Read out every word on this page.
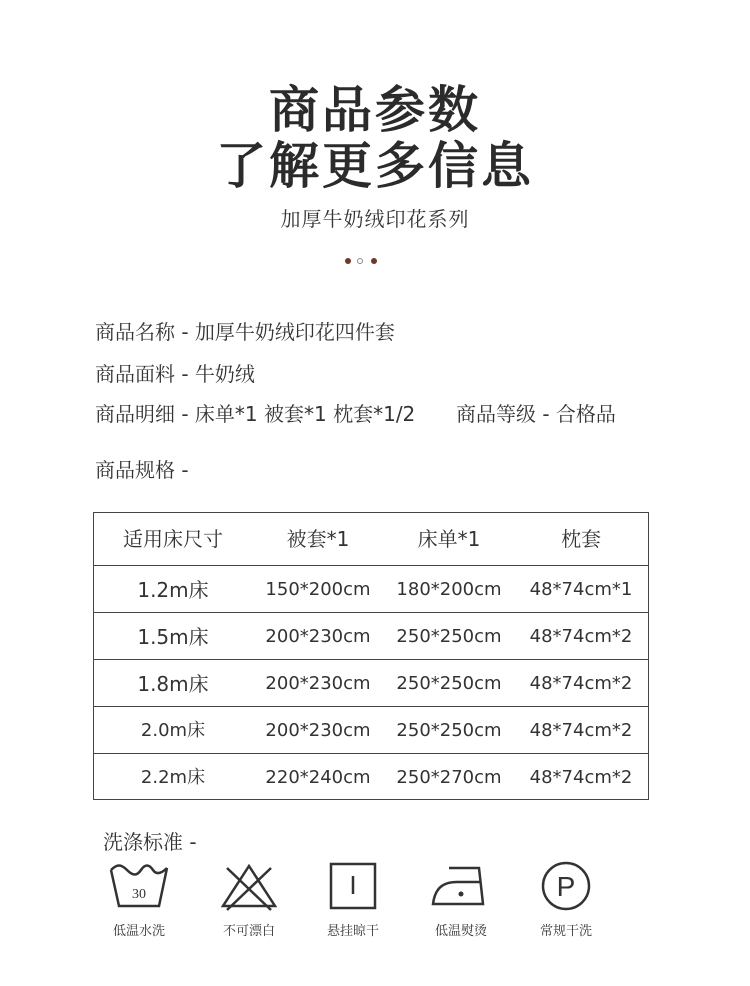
商品参数
了解更多信息
加厚牛奶绒印花系列
商品名称 - 加厚牛奶绒印花四件套
商品面料 - 牛奶绒
商品明细 - 床单*1 被套*1 枕套*1/2 商品等级 - 合格品
商品规格 -
适用床尺寸	被套*1	床单*1	枕套
1.2m床	150*200cm	180*200cm	48*74cm*1
1.5m床	200*230cm	250*250cm	48*74cm*2
1.8m床	200*230cm	250*250cm	48*74cm*2
2.0m床	200*230cm	250*250cm	48*74cm*2
2.2m床	220*240cm	250*270cm	48*74cm*2
洗涤标准 -
30
低温水洗	不可漂白	悬挂晾干	低温熨烫
P
常规干洗
